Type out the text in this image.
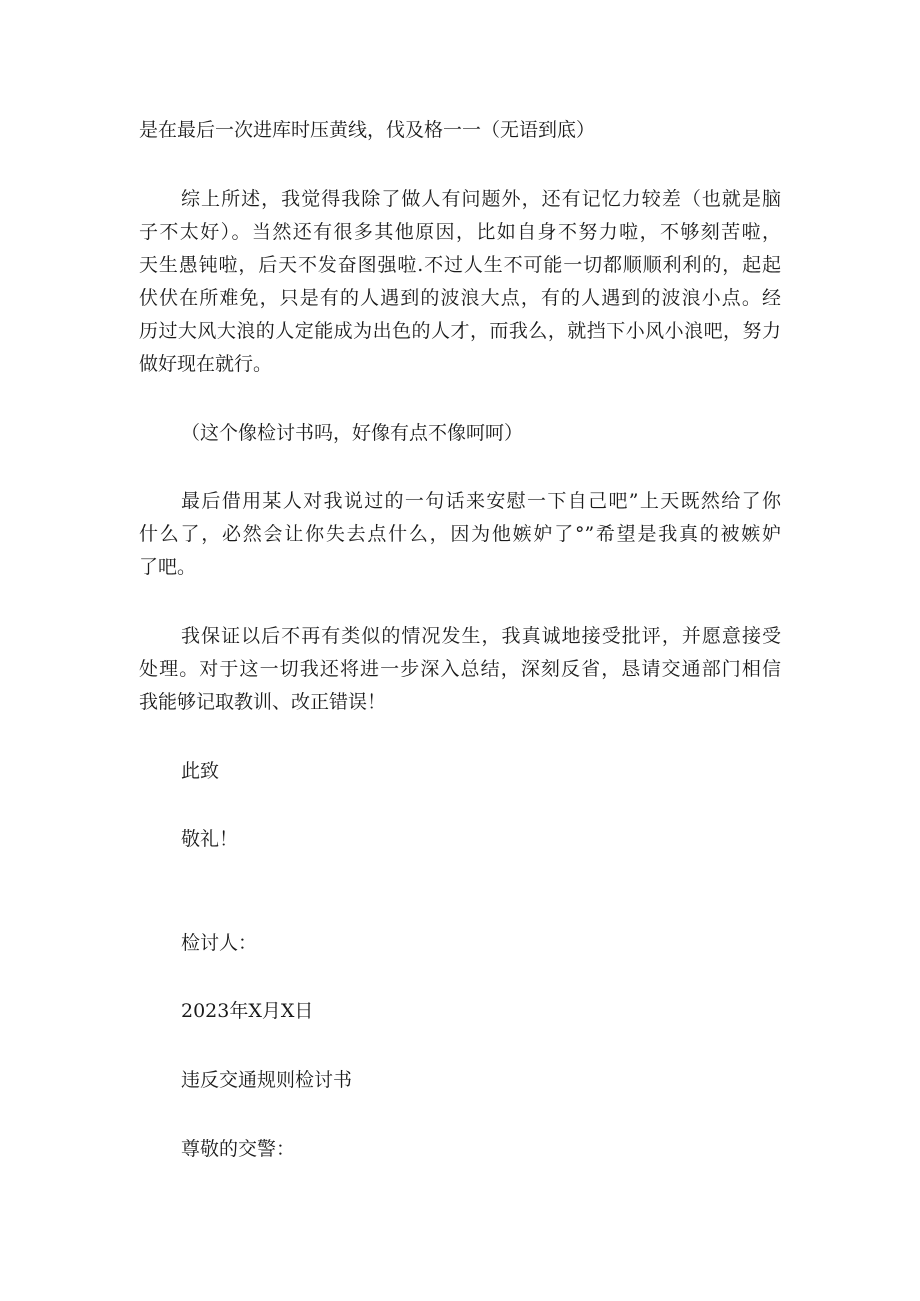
是在最后一次进库时压黄线，伐及格一一（无语到底）
综上所述，我觉得我除了做人有问题外，还有记忆力较差（也就是脑
子不太好）。当然还有很多其他原因，比如自身不努力啦，不够刻苦啦，
天生愚钝啦，后天不发奋图强啦.不过人生不可能一切都顺顺利利的，起起
伏伏在所难免，只是有的人遇到的波浪大点，有的人遇到的波浪小点。经
历过大风大浪的人定能成为出色的人才，而我么，就挡下小风小浪吧，努力
做好现在就行。
（这个像检讨书吗，好像有点不像呵呵）
最后借用某人对我说过的一句话来安慰一下自己吧”上天既然给了你
什么了，必然会让你失去点什么，因为他嫉妒了°”希望是我真的被嫉妒
了吧。
我保证以后不再有类似的情况发生，我真诚地接受批评，并愿意接受
处理。对于这一切我还将进一步深入总结，深刻反省，恳请交通部门相信
我能够记取教训、改正错误！
此致
敬礼！
检讨人：
2023年X月X日
违反交通规则检讨书
尊敬的交警：
